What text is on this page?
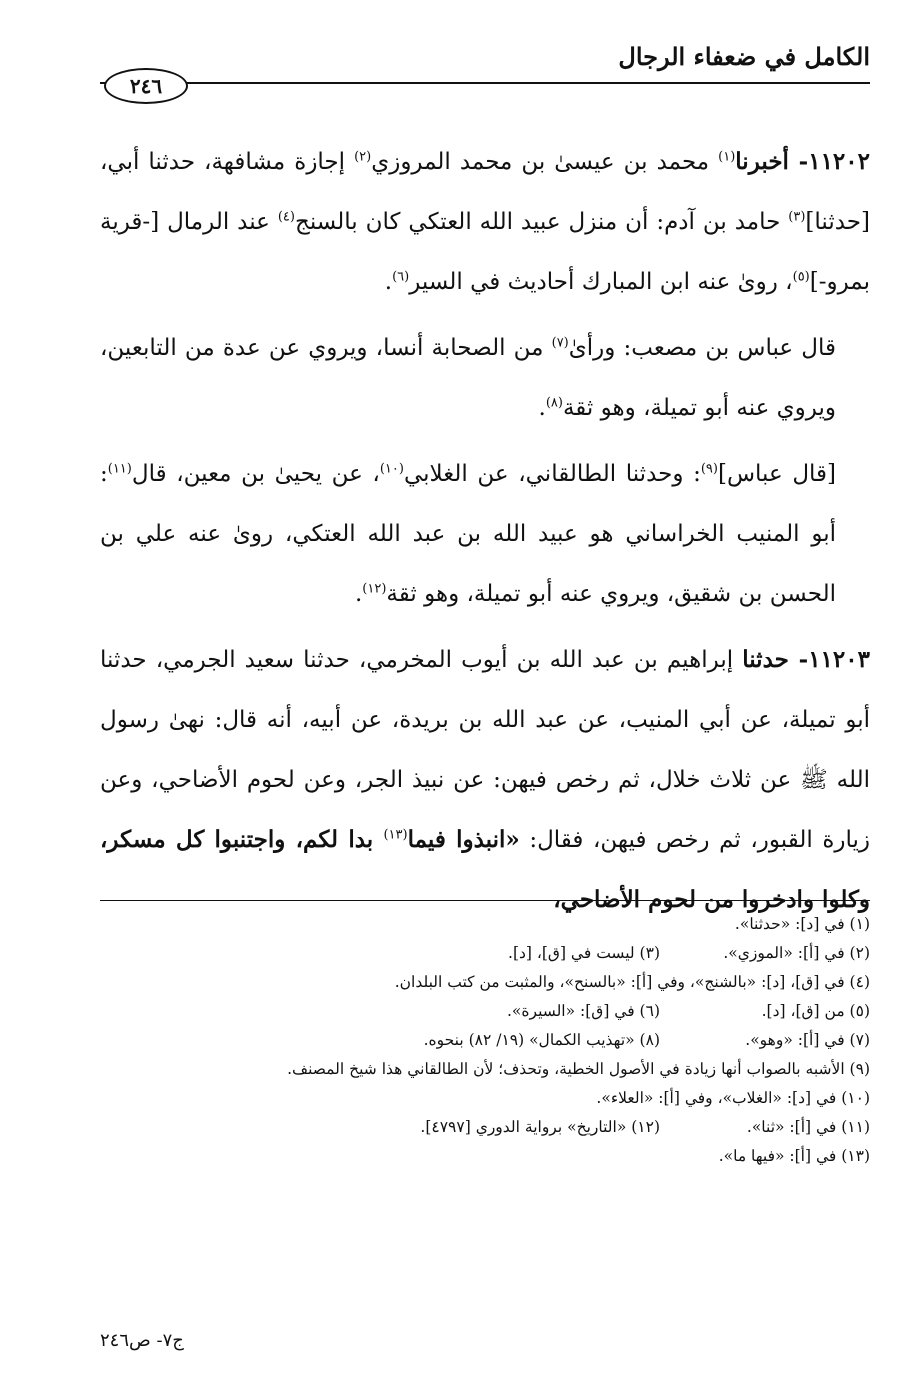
الكامل في ضعفاء الرجال
٢٤٦

١١٢٠٢- أخبرنا$^{(١)}$ محمد بن عيسىٰ بن محمد المروزي$^{(٢)}$ إجازة مشافهة، حدثنا أبي، [حدثنا]$^{(٣)}$ حامد بن آدم: أن منزل عبيد الله العتكي كان بالسنج$^{(٤)}$ عند الرمال [-قرية بمرو-]$^{(٥)}$، روىٰ عنه ابن المبارك أحاديث في السير$^{(٦)}$.

قال عباس بن مصعب: ورأىٰ$^{(٧)}$ من الصحابة أنسا، ويروي عن عدة من التابعين، ويروي عنه أبو تميلة، وهو ثقة$^{(٨)}$.

[قال عباس]$^{(٩)}$: وحدثنا الطالقاني، عن الغلابي$^{(١٠)}$، عن يحيىٰ بن معين، قال$^{(١١)}$: أبو المنيب الخراساني هو عبيد الله بن عبد الله العتكي، روىٰ عنه علي بن الحسن بن شقيق، ويروي عنه أبو تميلة، وهو ثقة$^{(١٢)}$.

١١٢٠٣- حدثنا إبراهيم بن عبد الله بن أيوب المخرمي، حدثنا سعيد الجرمي، حدثنا أبو تميلة، عن أبي المنيب، عن عبد الله بن بريدة، عن أبيه، أنه قال: نهىٰ رسول الله ﷺ عن ثلاث خلال، ثم رخص فيهن: عن نبيذ الجر، وعن لحوم الأضاحي، وعن زيارة القبور، ثم رخص فيهن، فقال: «انبذوا فيما$^{(١٣)}$ بدا لكم، واجتنبوا كل مسكر، وكلوا وادخروا من لحوم الأضاحي،

(١) في [د]: «حدثنا».
(٢) في [أ]: «الموزي».
(٣) ليست في [ق]، [د].
(٤) في [ق]، [د]: «بالشنج»، وفي [أ]: «بالسنح»، والمثبت من كتب البلدان.
(٥) من [ق]، [د].
(٦) في [ق]: «السيرة».
(٧) في [أ]: «وهو».
(٨) «تهذيب الكمال» (١٩/ ٨٢) بنحوه.
(٩) الأشبه بالصواب أنها زيادة في الأصول الخطية، وتحذف؛ لأن الطالقاني هذا شيخ المصنف.
(١٠) في [د]: «الغلاب»، وفي [أ]: «العلاء».
(١١) في [أ]: «ثنا».
(١٢) «التاريخ» برواية الدوري [٤٧٩٧].
(١٣) في [أ]: «فيها ما».
ج٧- ص٢٤٦
